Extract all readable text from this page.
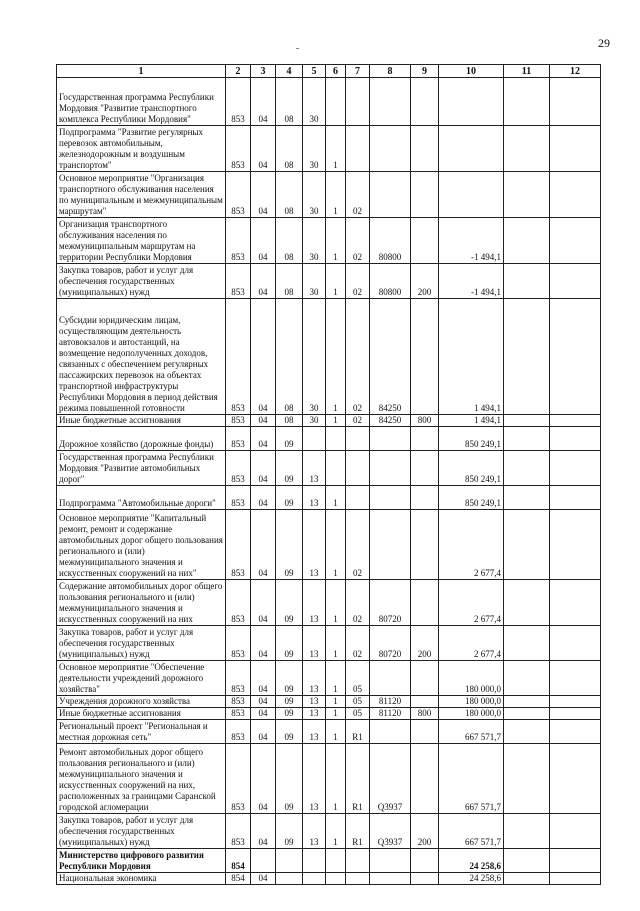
29
1	2	3	4	5	6	7	8	9	10	11	12
Государственная программа Республики Мордовия "Развитие транспортного комплекса Республики Мордовия"	853	04	08	30							
Подпрограмма "Развитие регулярных перевозок автомобильным, железнодорожным и воздушным транспортом"	853	04	08	30	1						
Основное мероприятие "Организация транспортного обслуживания населения по муниципальным и межмуниципальным маршрутам"	853	04	08	30	1	02					
Организация транспортного обслуживания населения по межмуниципальным маршрутам на территории Республики Мордовия	853	04	08	30	1	02	80800		-1 494,1		
Закупка товаров, работ и услуг для обеспечения государственных (муниципальных) нужд	853	04	08	30	1	02	80800	200	-1 494,1		
Субсидии юридическим лицам, осуществляющим деятельность автовокзалов и автостанций, на возмещение недополученных доходов, связанных с обеспечением регулярных пассажирских перевозок на объектах транспортной инфраструктуры Республики Мордовия в период действия режима повышенной готовности	853	04	08	30	1	02	84250		1 494,1		
Иные бюджетные ассигнования	853	04	08	30	1	02	84250	800	1 494,1		
Дорожное хозяйство (дорожные фонды)	853	04	09						850 249,1		
Государственная программа Республики Мордовия "Развитие автомобильных дорог"	853	04	09	13					850 249,1		
Подпрограмма "Автомобильные дороги"	853	04	09	13	1				850 249,1		
Основное мероприятие "Капитальный ремонт, ремонт и содержание автомобильных дорог общего пользования регионального и (или) межмуниципального значения и искусственных сооружений на них"	853	04	09	13	1	02			2 677,4		
Содержание автомобильных дорог общего пользования регионального и (или) межмуниципального значения и искусственных сооружений на них	853	04	09	13	1	02	80720		2 677,4		
Закупка товаров, работ и услуг для обеспечения государственных (муниципальных) нужд	853	04	09	13	1	02	80720	200	2 677,4		
Основное мероприятие "Обеспечение деятельности учреждений дорожного хозяйства"	853	04	09	13	1	05			180 000,0		
Учреждения дорожного хозяйства	853	04	09	13	1	05	81120		180 000,0		
Иные бюджетные ассигнования	853	04	09	13	1	05	81120	800	180 000,0		
Региональный проект "Региональная и местная дорожная сеть"	853	04	09	13	1	R1			667 571,7		
Ремонт автомобильных дорог общего пользования регионального и (или) межмуниципального значения и искусственных сооружений на них, расположенных за границами Саранской городской агломерации	853	04	09	13	1	R1	Q3937		667 571,7		
Закупка товаров, работ и услуг для обеспечения государственных (муниципальных) нужд	853	04	09	13	1	R1	Q3937	200	667 571,7		
Министерство цифрового развития Республики Мордовия	854								24 258,6		
Национальная экономика	854	04							24 258,6		
